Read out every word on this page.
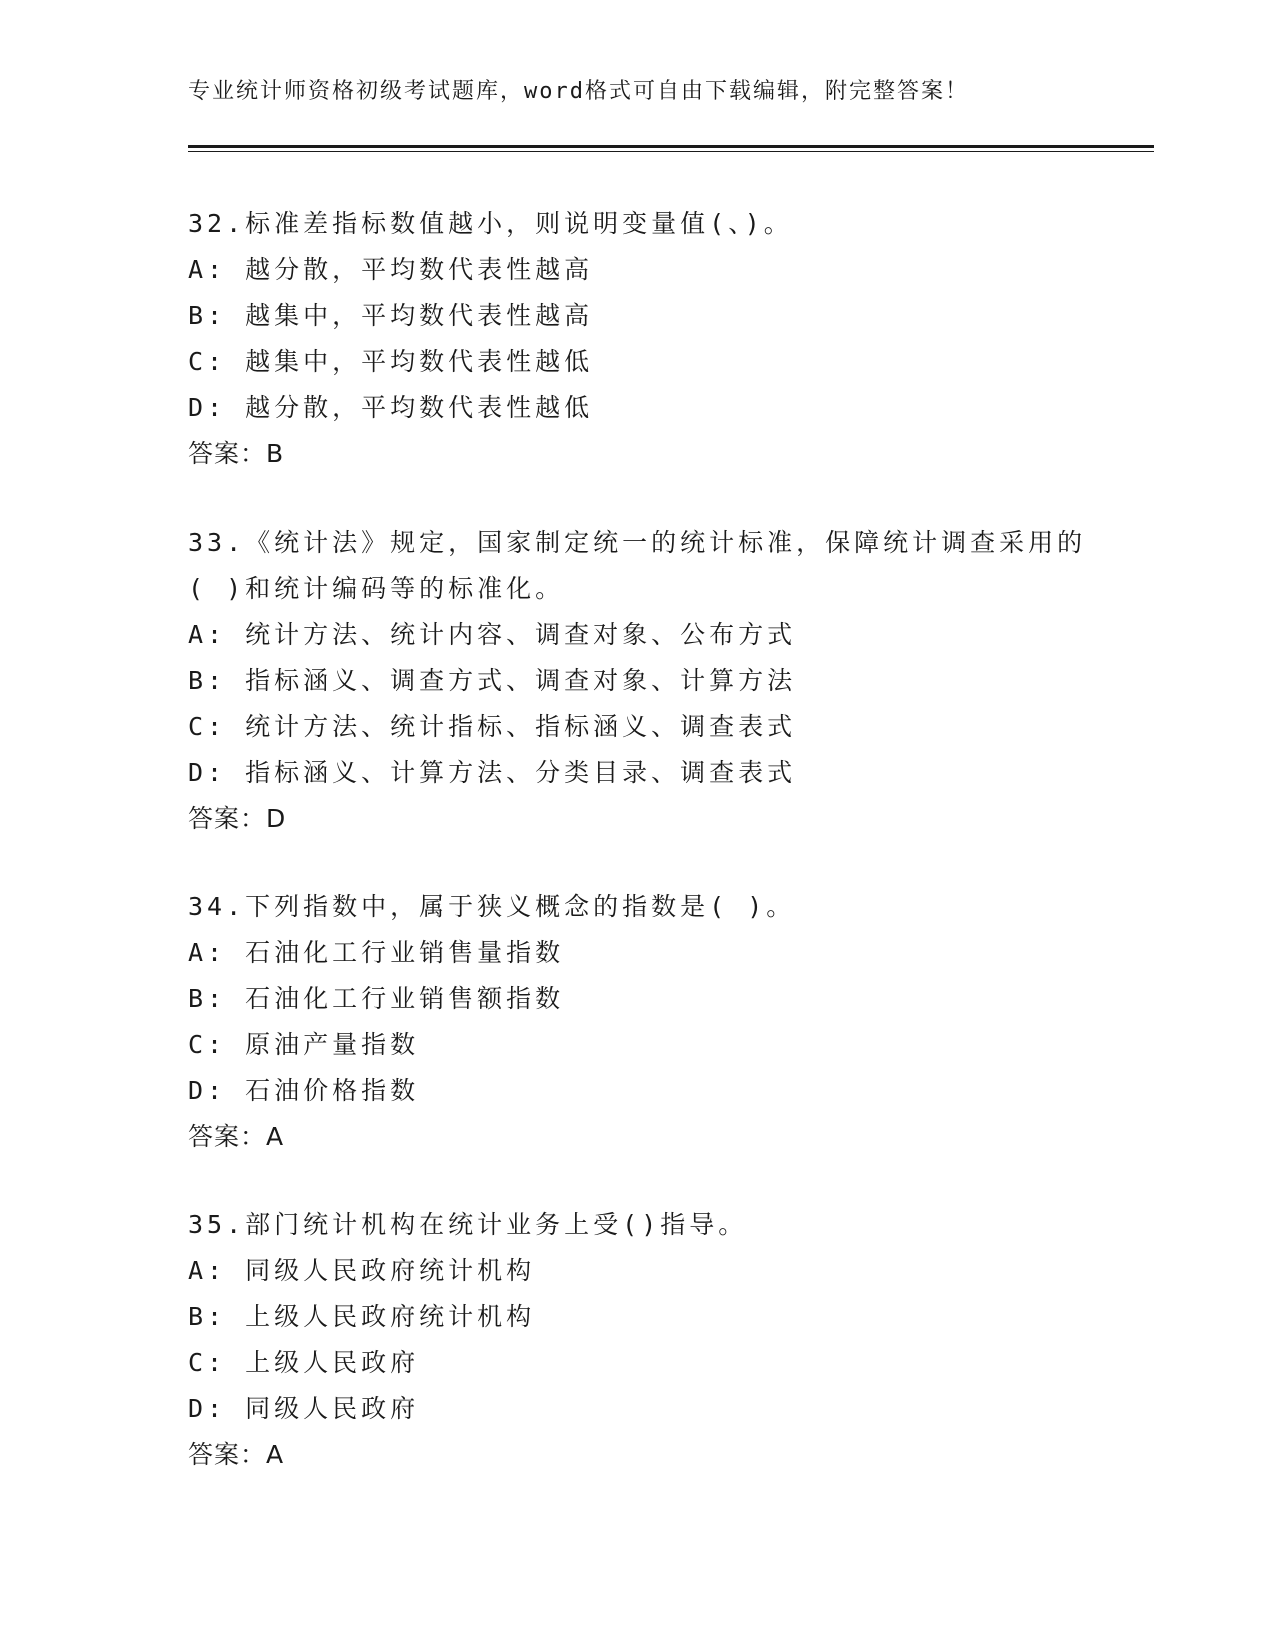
专业统计师资格初级考试题库，word格式可自由下载编辑，附完整答案！
32.标准差指标数值越小，则说明变量值(、)。
A: 越分散，平均数代表性越高
B: 越集中，平均数代表性越高
C: 越集中，平均数代表性越低
D: 越分散，平均数代表性越低
答案：B
33.《统计法》规定，国家制定统一的统计标准，保障统计调查采用的
( )和统计编码等的标准化。
A: 统计方法、统计内容、调查对象、公布方式
B: 指标涵义、调查方式、调查对象、计算方法
C: 统计方法、统计指标、指标涵义、调查表式
D: 指标涵义、计算方法、分类目录、调查表式
答案：D
34.下列指数中，属于狭义概念的指数是( )。
A: 石油化工行业销售量指数
B: 石油化工行业销售额指数
C: 原油产量指数
D: 石油价格指数
答案：A
35.部门统计机构在统计业务上受()指导。
A: 同级人民政府统计机构
B: 上级人民政府统计机构
C: 上级人民政府
D: 同级人民政府
答案：A
